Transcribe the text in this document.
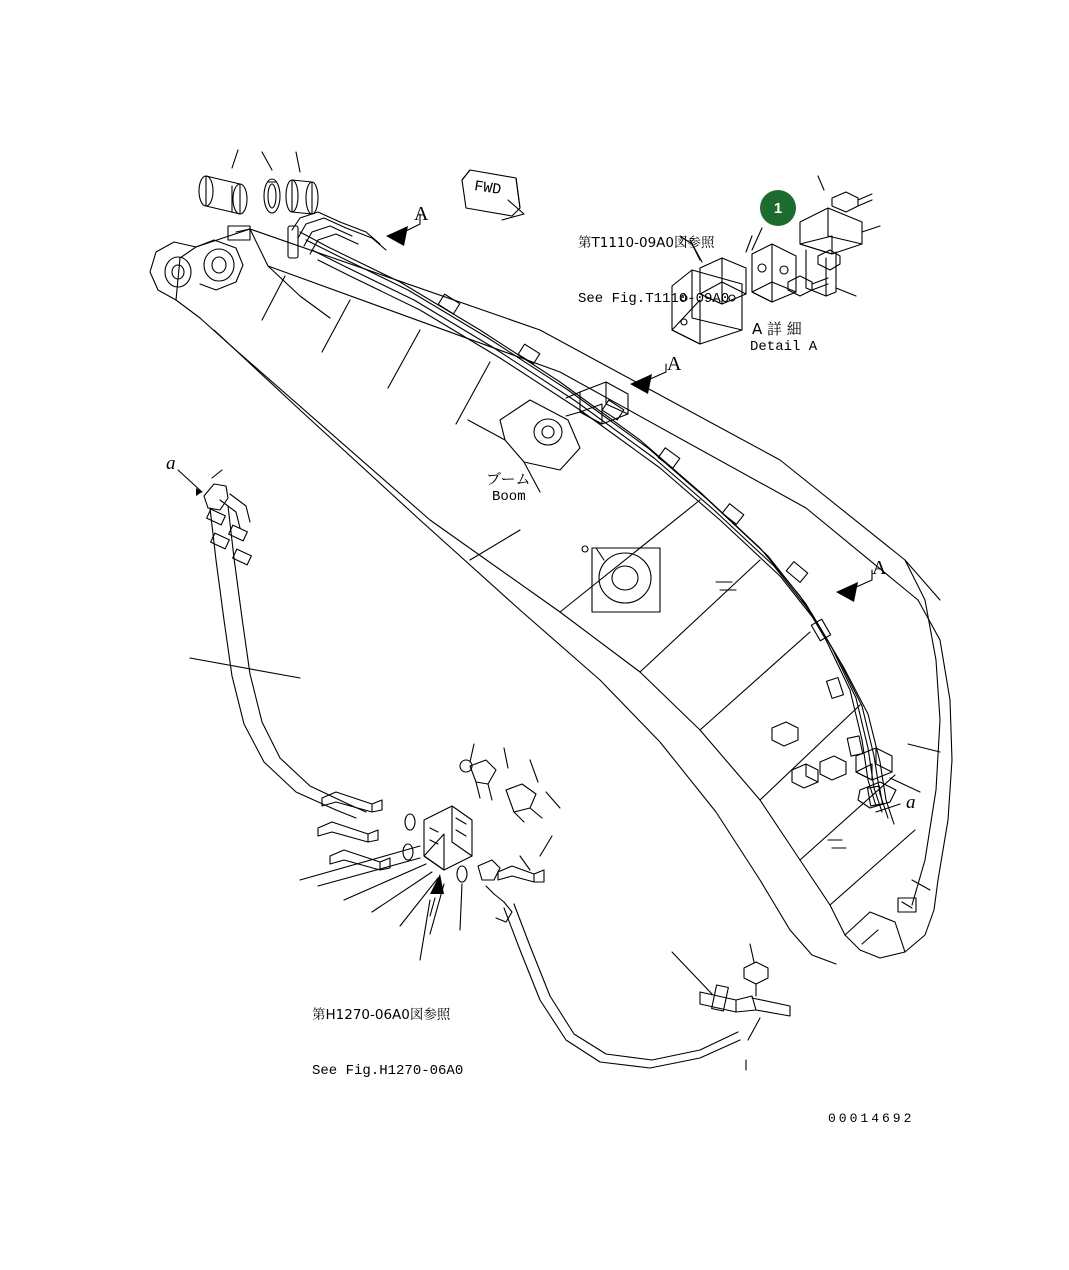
ブーム
Boom
A 詳 細
Detail A
A
A
A
a
a
FWD

第T1110-09A0図参照

See Fig.T1110-09A0

第H1270-06A0図参照

See Fig.H1270-06A0

1
00014692
